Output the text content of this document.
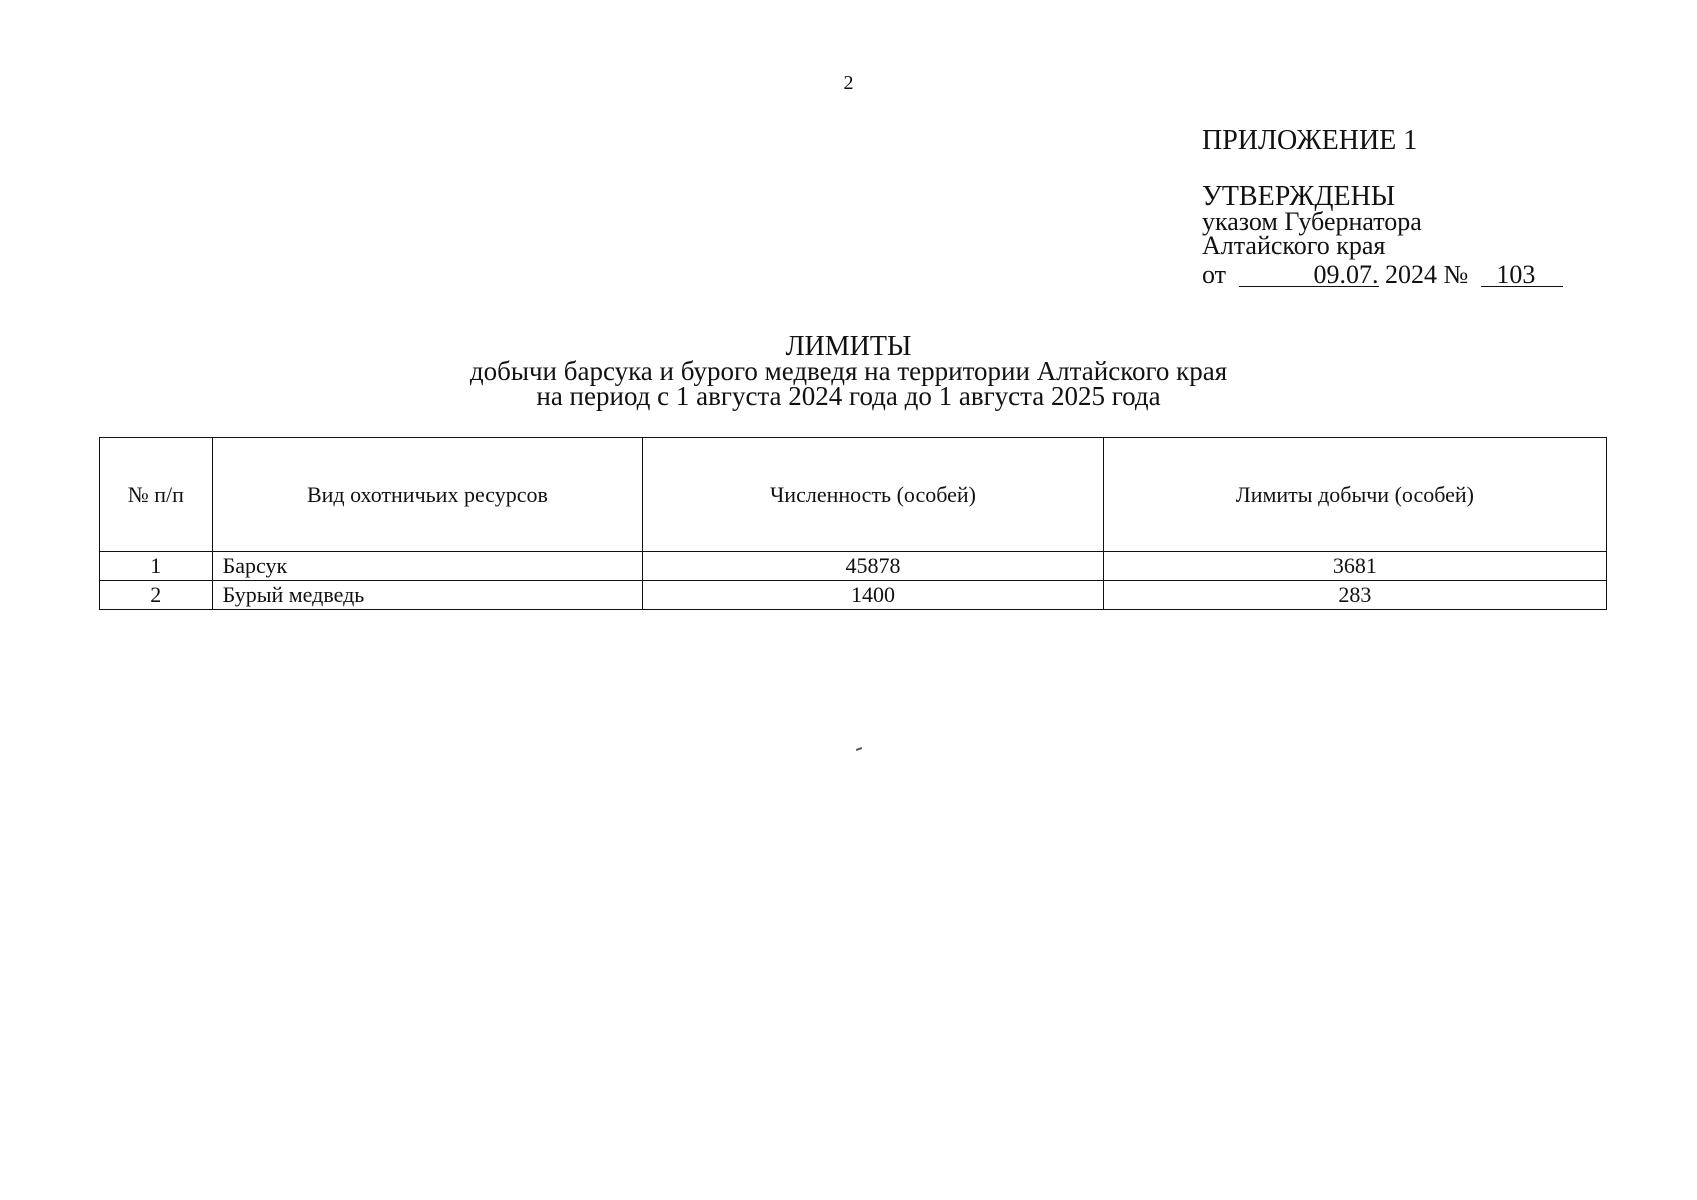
2
ПРИЛОЖЕНИЕ 1
УТВЕРЖДЕНЫ
указом Губернатора
Алтайского края
от	09.07. 2024 № 103
ЛИМИТЫ
добычи барсука и бурого медведя на территории Алтайского края
на период с 1 августа 2024 года до 1 августа 2025 года
№ п/п	Вид охотничьих ресурсов	Численность (особей)	Лимиты добычи (особей)
1	Барсук	45878	3681
2	Бурый медведь	1400	283
